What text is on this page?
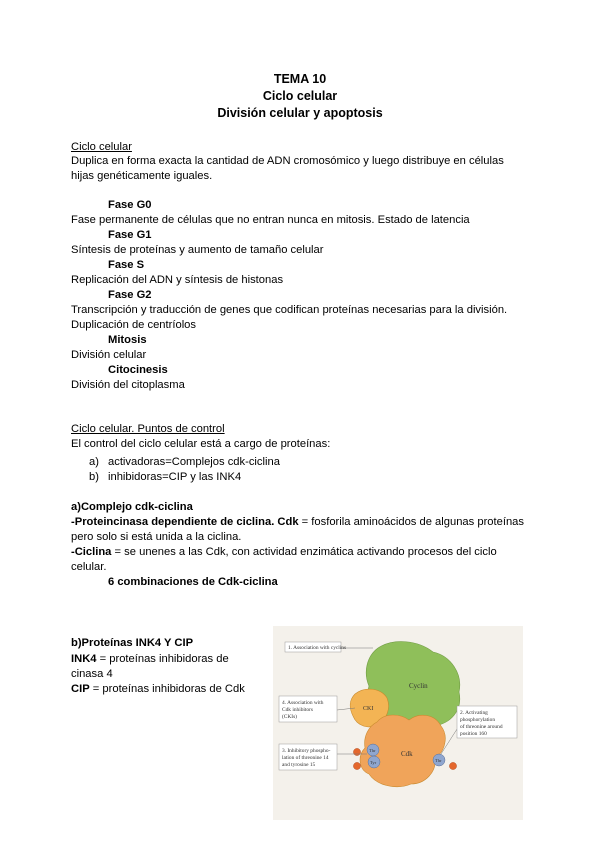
TEMA 10
Ciclo celular
División celular y apoptosis
Ciclo celular
Duplica en forma exacta la cantidad de ADN cromosómico y luego distribuye en células
hijas genéticamente iguales.
Fase G0
Fase permanente de células que no entran nunca en mitosis. Estado de latencia
Fase G1
Síntesis de proteínas y aumento de tamaño celular
Fase S
Replicación del ADN y síntesis de histonas
Fase G2
Transcripción y traducción de genes que codifican proteínas necesarias para la división.
Duplicación de centríolos
Mitosis
División celular
Citocinesis
División del citoplasma
Ciclo celular. Puntos de control
El control del ciclo celular está a cargo de proteínas:
a) activadoras=Complejos cdk-ciclina
b) inhibidoras=CIP y las INK4
a)Complejo cdk-ciclina
-Proteincinasa dependiente de ciclina. Cdk = fosforila aminoácidos de algunas proteínas
pero solo si está unida a la ciclina.
-Ciclina = se unenes a las Cdk, con actividad enzimática activando procesos del ciclo
celular.
6 combinaciones de Cdk-ciclina
b)Proteínas INK4 Y CIP
INK4 = proteínas inhibidoras de
cinasa 4
CIP = proteínas inhibidoras de Cdk
1. Association with cyclins
4. Association with
Cdk inhibitors
(CKIs)
2. Activating
phosphorylation
of threonine around
position 160
3. Inhibitory phospho-
lation of threonine 14
and tyrosine 15
Cyclin
CKI
Cdk
Thr
Tyr	Thr
